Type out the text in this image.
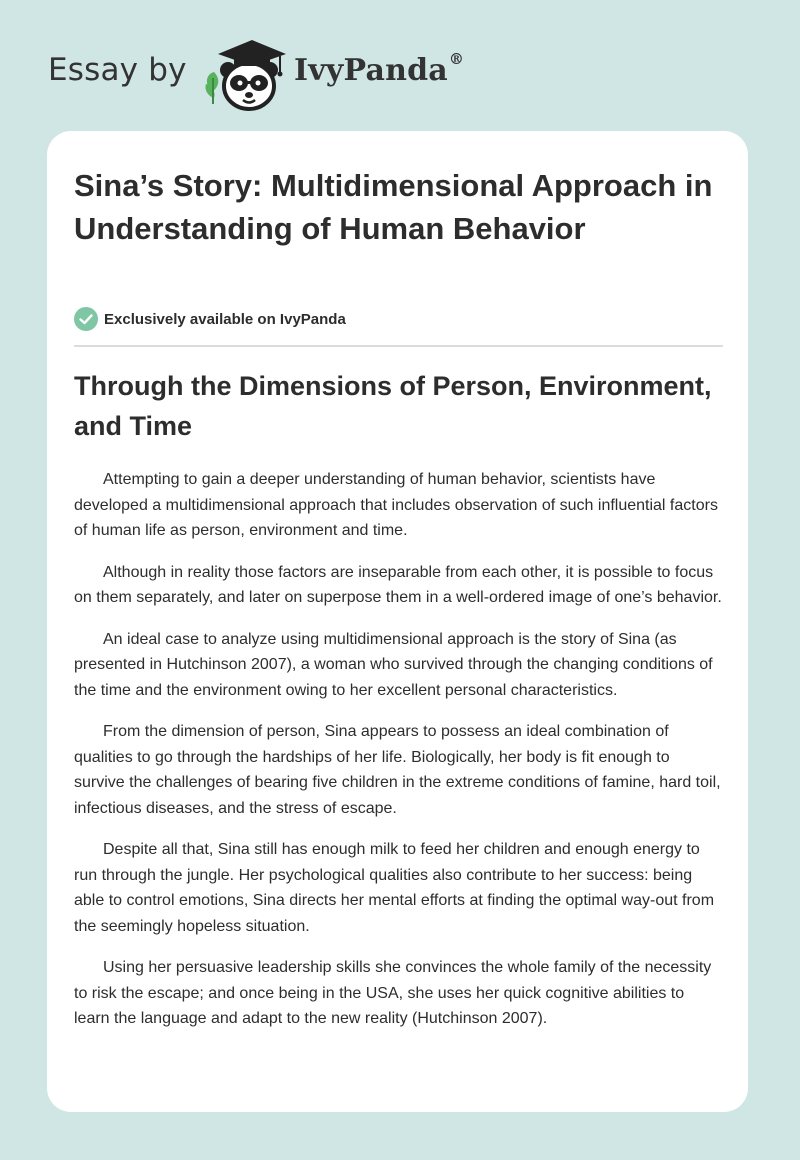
Essay by	IvyPanda®
Sina’s Story: Multidimensional Approach in Understanding of Human Behavior
Exclusively available on IvyPanda
Through the Dimensions of Person, Environment, and Time

Attempting to gain a deeper understanding of human behavior, scientists have developed a multidimensional approach that includes observation of such influential factors of human life as person, environment and time.

Although in reality those factors are inseparable from each other, it is possible to focus on them separately, and later on superpose them in a well-ordered image of one’s behavior.

An ideal case to analyze using multidimensional approach is the story of Sina (as presented in Hutchinson 2007), a woman who survived through the changing conditions of the time and the environment owing to her excellent personal characteristics.

From the dimension of person, Sina appears to possess an ideal combination of qualities to go through the hardships of her life. Biologically, her body is fit enough to survive the challenges of bearing five children in the extreme conditions of famine, hard toil, infectious diseases, and the stress of escape.

Despite all that, Sina still has enough milk to feed her children and enough energy to run through the jungle. Her psychological qualities also contribute to her success: being able to control emotions, Sina directs her mental efforts at finding the optimal way-out from the seemingly hopeless situation.

Using her persuasive leadership skills she convinces the whole family of the necessity to risk the escape; and once being in the USA, she uses her quick cognitive abilities to learn the language and adapt to the new reality (Hutchinson 2007).
